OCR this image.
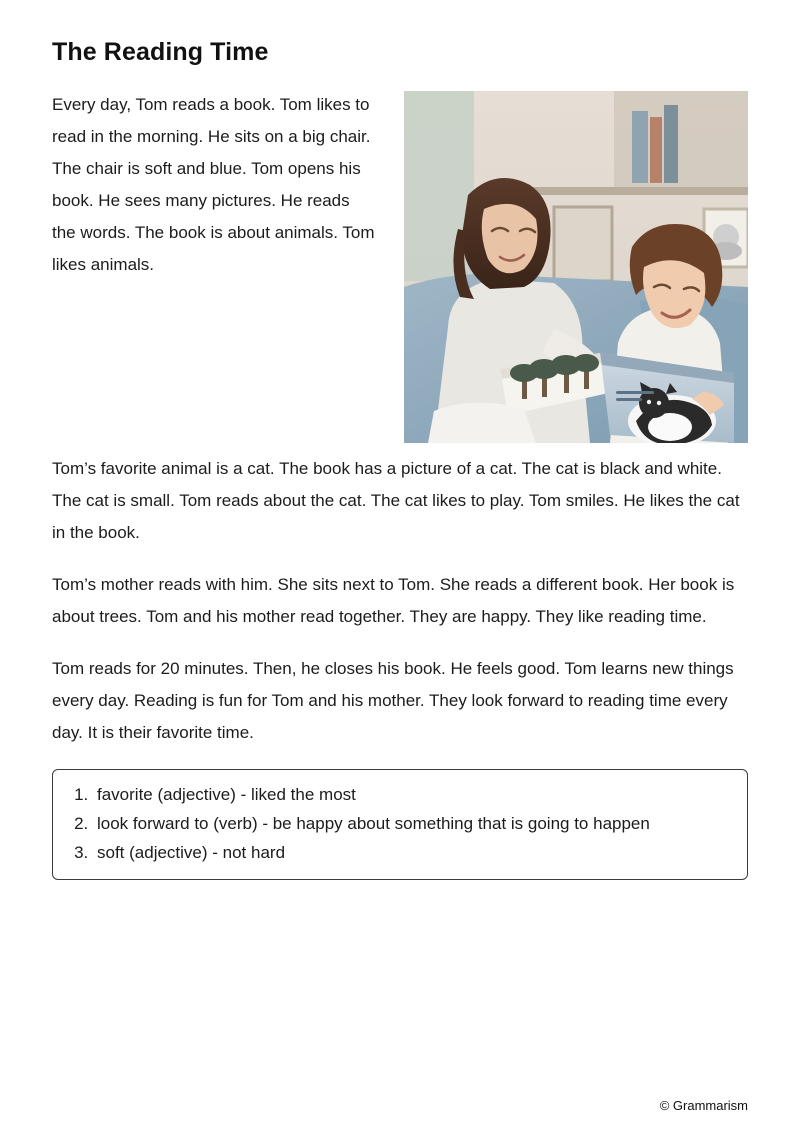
The Reading Time

Every day, Tom reads a book. Tom likes to read in the morning. He sits on a big chair. The chair is soft and blue. Tom opens his book. He sees many pictures. He reads the words. The book is about animals. Tom likes animals.

Tom’s favorite animal is a cat. The book has a picture of a cat. The cat is black and white. The cat is small. Tom reads about the cat. The cat likes to play. Tom smiles. He likes the cat in the book.

Tom’s mother reads with him. She sits next to Tom. She reads a different book. Her book is about trees. Tom and his mother read together. They are happy. They like reading time.

Tom reads for 20 minutes. Then, he closes his book. He feels good. Tom learns new things every day. Reading is fun for Tom and his mother. They look forward to reading time every day. It is their favorite time.

1. favorite (adjective) - liked the most
2. look forward to (verb) - be happy about something that is going to happen
3. soft (adjective) - not hard
© Grammarism
